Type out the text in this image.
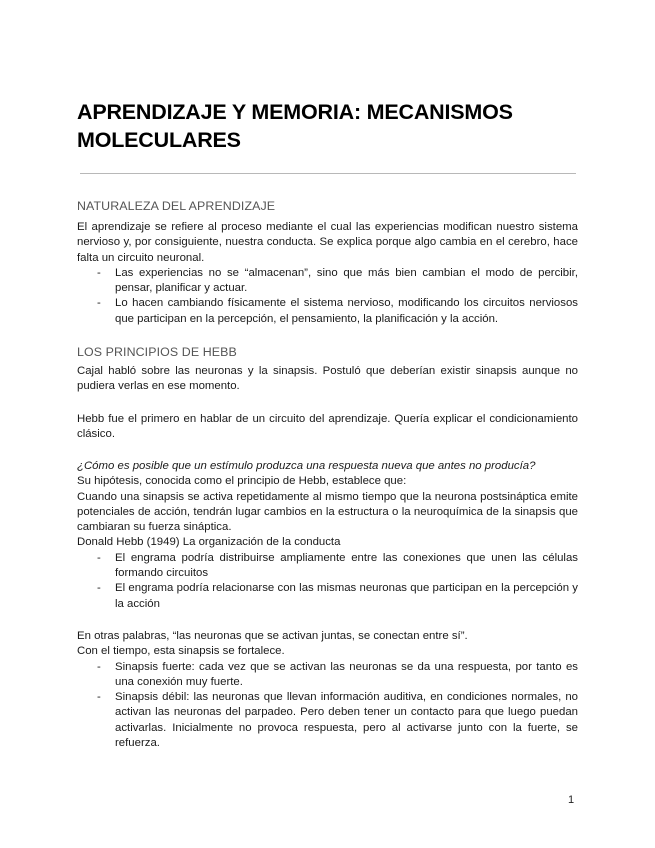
APRENDIZAJE Y MEMORIA: MECANISMOS MOLECULARES
NATURALEZA DEL APRENDIZAJE
El aprendizaje se refiere al proceso mediante el cual las experiencias modifican nuestro sistema nervioso y, por consiguiente, nuestra conducta. Se explica porque algo cambia en el cerebro, hace falta un circuito neuronal.
- Las experiencias no se “almacenan”, sino que más bien cambian el modo de percibir, pensar, planificar y actuar.
- Lo hacen cambiando físicamente el sistema nervioso, modificando los circuitos nerviosos que participan en la percepción, el pensamiento, la planificación y la acción.
LOS PRINCIPIOS DE HEBB
Cajal habló sobre las neuronas y la sinapsis. Postuló que deberían existir sinapsis aunque no pudiera verlas en ese momento.
Hebb fue el primero en hablar de un circuito del aprendizaje. Quería explicar el condicionamiento clásico.
¿Cómo es posible que un estímulo produzca una respuesta nueva que antes no producía?
Su hipótesis, conocida como el principio de Hebb, establece que:
Cuando una sinapsis se activa repetidamente al mismo tiempo que la neurona postsináptica emite potenciales de acción, tendrán lugar cambios en la estructura o la neuroquímica de la sinapsis que cambiaran su fuerza sináptica.
Donald Hebb (1949) La organización de la conducta
- El engrama podría distribuirse ampliamente entre las conexiones que unen las células formando circuitos
- El engrama podría relacionarse con las mismas neuronas que participan en la percepción y la acción
En otras palabras, “las neuronas que se activan juntas, se conectan entre sí”.
Con el tiempo, esta sinapsis se fortalece.
- Sinapsis fuerte: cada vez que se activan las neuronas se da una respuesta, por tanto es una conexión muy fuerte.
- Sinapsis débil: las neuronas que llevan información auditiva, en condiciones normales, no activan las neuronas del parpadeo. Pero deben tener un contacto para que luego puedan activarlas. Inicialmente no provoca respuesta, pero al activarse junto con la fuerte, se refuerza.
1
